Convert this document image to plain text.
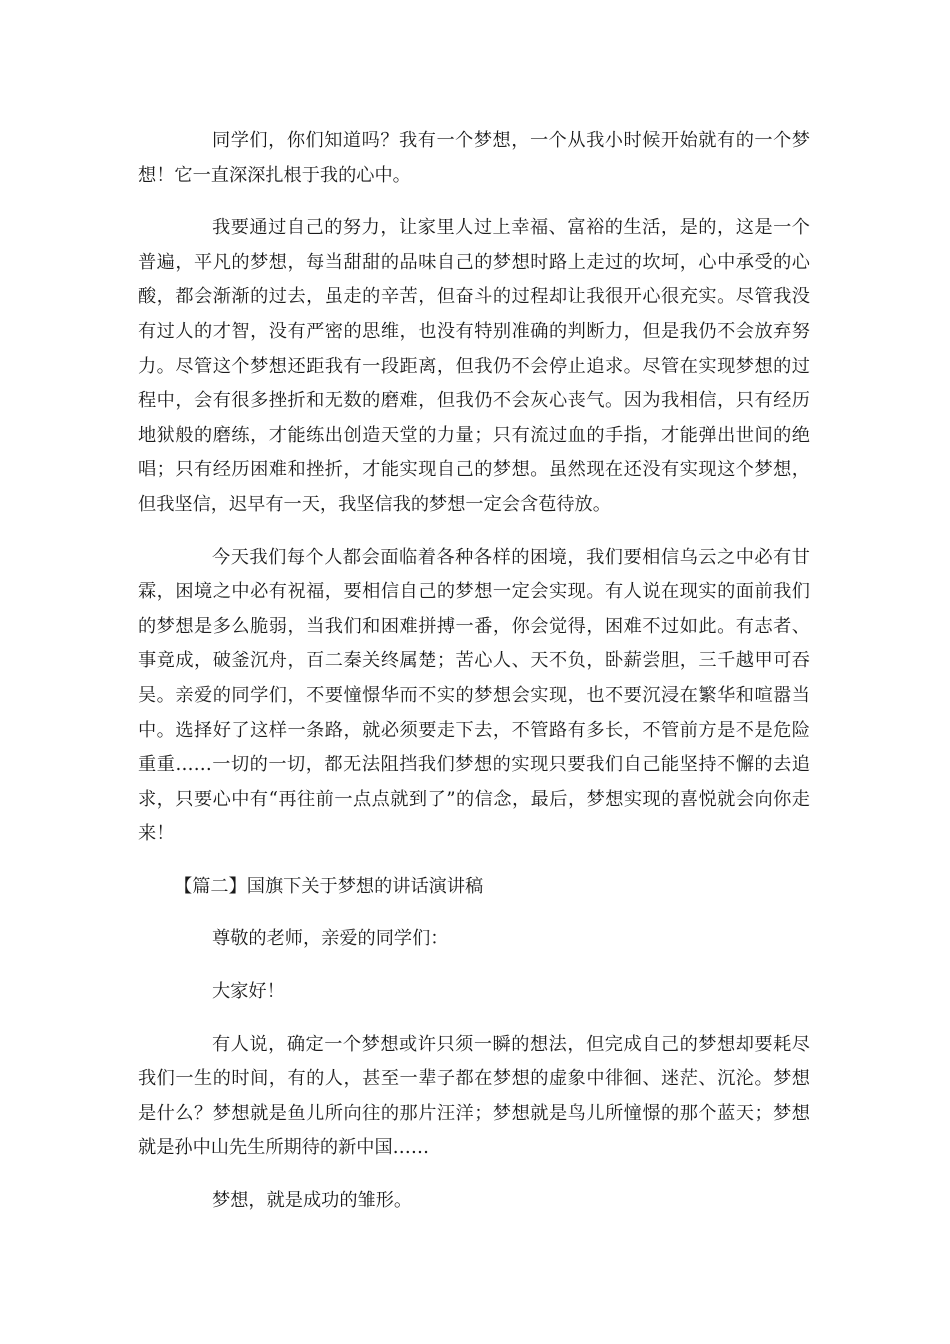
同学们，你们知道吗？我有一个梦想，一个从我小时候开始就有的一个梦想！它一直深深扎根于我的心中。

我要通过自己的努力，让家里人过上幸福、富裕的生活，是的，这是一个普遍，平凡的梦想，每当甜甜的品味自己的梦想时路上走过的坎坷，心中承受的心酸，都会渐渐的过去，虽走的辛苦，但奋斗的过程却让我很开心很充实。尽管我没有过人的才智，没有严密的思维，也没有特别准确的判断力，但是我仍不会放弃努力。尽管这个梦想还距我有一段距离，但我仍不会停止追求。尽管在实现梦想的过程中，会有很多挫折和无数的磨难，但我仍不会灰心丧气。因为我相信，只有经历地狱般的磨练，才能练出创造天堂的力量；只有流过血的手指，才能弹出世间的绝唱；只有经历困难和挫折，才能实现自己的梦想。虽然现在还没有实现这个梦想，但我坚信，迟早有一天，我坚信我的梦想一定会含苞待放。

今天我们每个人都会面临着各种各样的困境，我们要相信乌云之中必有甘霖，困境之中必有祝福，要相信自己的梦想一定会实现。有人说在现实的面前我们的梦想是多么脆弱，当我们和困难拼搏一番，你会觉得，困难不过如此。有志者、事竟成，破釜沉舟，百二秦关终属楚；苦心人、天不负，卧薪尝胆，三千越甲可吞吴。亲爱的同学们，不要憧憬华而不实的梦想会实现，也不要沉浸在繁华和喧嚣当中。选择好了这样一条路，就必须要走下去，不管路有多长，不管前方是不是危险重重……一切的一切，都无法阻挡我们梦想的实现只要我们自己能坚持不懈的去追求，只要心中有“再往前一点点就到了”的信念，最后，梦想实现的喜悦就会向你走来！

【篇二】国旗下关于梦想的讲话演讲稿

尊敬的老师，亲爱的同学们：

大家好！

有人说，确定一个梦想或许只须一瞬的想法，但完成自己的梦想却要耗尽我们一生的时间，有的人，甚至一辈子都在梦想的虚象中徘徊、迷茫、沉沦。梦想是什么？梦想就是鱼儿所向往的那片汪洋；梦想就是鸟儿所憧憬的那个蓝天；梦想就是孙中山先生所期待的新中国……

梦想，就是成功的雏形。
